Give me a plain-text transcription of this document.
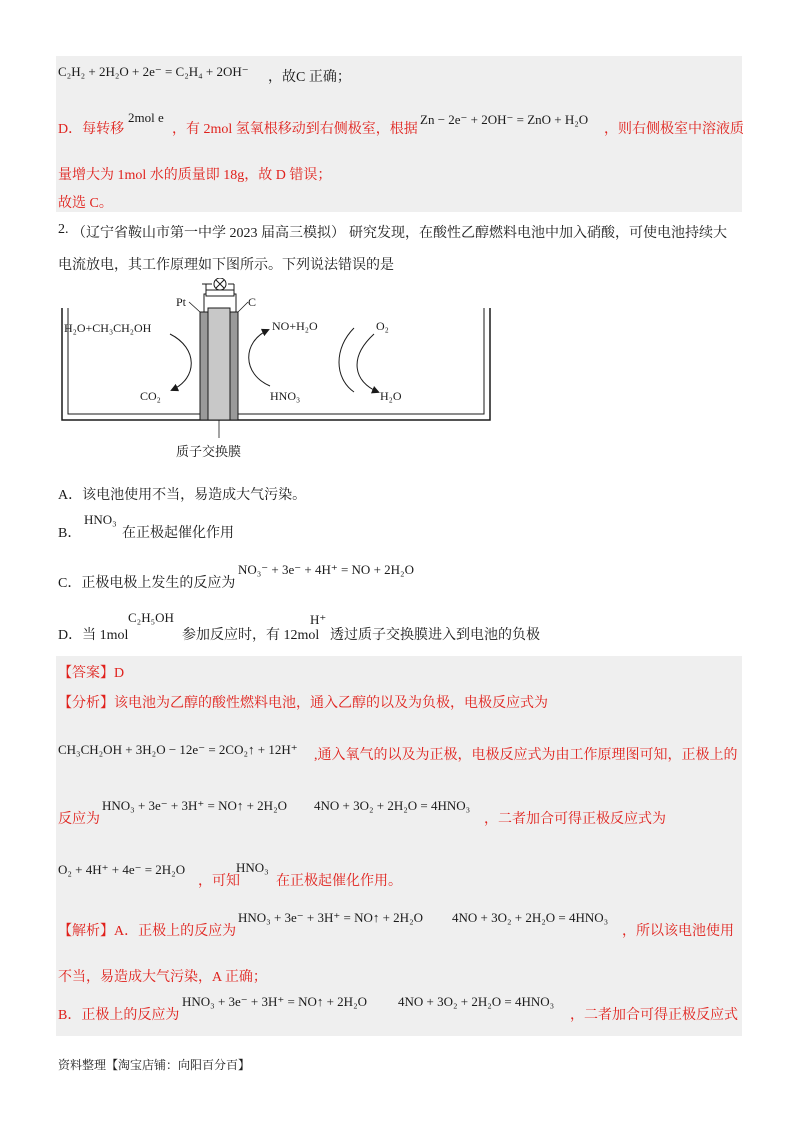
C₂H₂ + 2H₂O + 2e⁻ = C₂H₄ + 2OH⁻ ，故C 正确；
D．每转移
2mol e
，有 2mol 氢氧根移动到右侧极室，根据
Zn − 2e⁻ + 2OH⁻ = ZnO + H₂O
，则右侧极室中溶液质
量增大为 1mol 水的质量即 18g，故 D 错误；
故选 C。
2. （辽宁省鞍山市第一中学 2023 届高三模拟） 研究发现，在酸性乙醇燃料电池中加入硝酸，可使电池持续大
电流放电，其工作原理如下图所示。下列说法错误的是
Pt	C
H₂O+CH₃CH₂OH
CO₂
NO+H₂O	O₂
HNO₃	H₂O
质子交换膜
A．该电池使用不当，易造成大气污染。
B．
HNO₃
在正极起催化作用
C．正极电极上发生的反应为
NO₃⁻ + 3e⁻ + 4H⁺ = NO + 2H₂O
D．当 1mol
C₂H₅OH
参加反应时，有 12mol
H⁺
透过质子交换膜进入到电池的负极
【答案】D
【分析】 该电池为乙醇的酸性燃料电池，通入乙醇的以及为负极，电极反应式为
CH₃CH₂OH + 3H₂O − 12e⁻ = 2CO₂↑ + 12H⁺ ,通入氧气的以及为正极，电极反应式为由工作原理图可知，正极上的
反应为
HNO₃ + 3e⁻ + 3H⁺ = NO↑ + 2H₂O 4NO + 3O₂ + 2H₂O = 4HNO₃
，二者加合可得正极反应式为
O₂ + 4H⁺ + 4e⁻ = 2H₂O
，可知
HNO₃
在正极起催化作用。
【解析】 A．正极上的反应为
HNO₃ + 3e⁻ + 3H⁺ = NO↑ + 2H₂O 4NO + 3O₂ + 2H₂O = 4HNO₃
，所以该电池使用
不当，易造成大气污染，A 正确；
B．正极上的反应为
HNO₃ + 3e⁻ + 3H⁺ = NO↑ + 2H₂O 4NO + 3O₂ + 2H₂O = 4HNO₃
，二者加合可得正极反应式
资料整理【淘宝店铺：向阳百分百】
